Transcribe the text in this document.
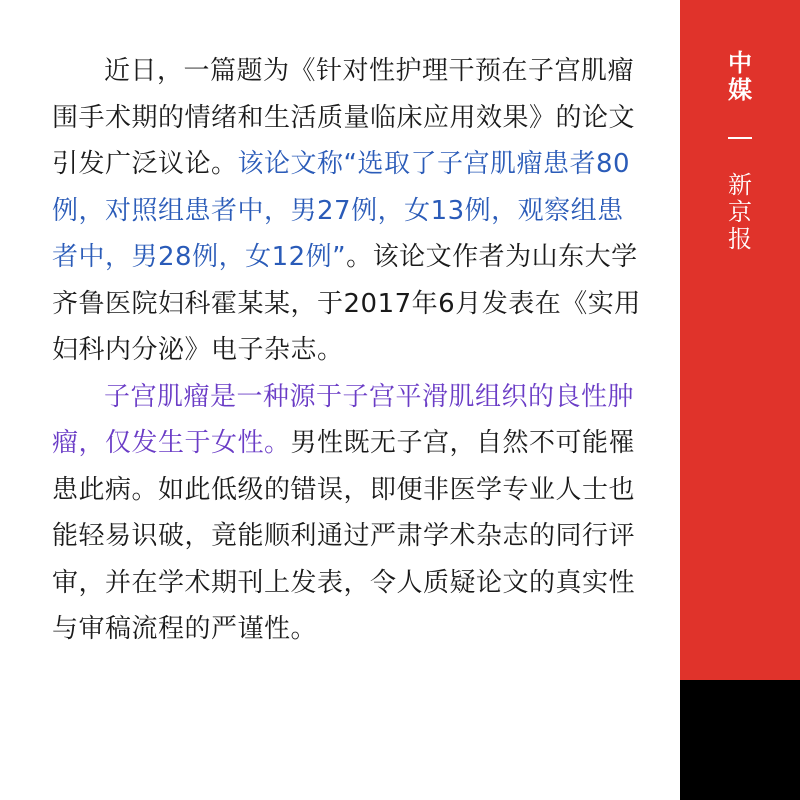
近日，一篇题为《针对性护理干预在子宫肌瘤围手术期的情绪和生活质量临床应用效果》的论文引发广泛议论。该论文称“选取了子宫肌瘤患者80例，对照组患者中，男27例，女13例，观察组患者中，男28例，女12例”。该论文作者为山东大学齐鲁医院妇科霍某某，于2017年6月发表在《实用妇科内分泌》电子杂志。

子宫肌瘤是一种源于子宫平滑肌组织的良性肿瘤，仅发生于女性。男性既无子宫，自然不可能罹患此病。如此低级的错误，即便非医学专业人士也能轻易识破，竟能顺利通过严肃学术杂志的同行评审，并在学术期刊上发表，令人质疑论文的真实性与审稿流程的严谨性。

中
媒
新
京
报
